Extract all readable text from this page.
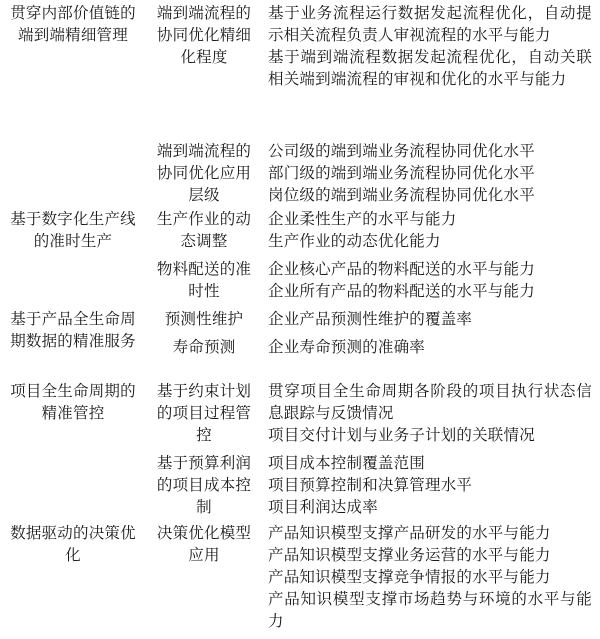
贯穿内部价值链的端到端精细管理
端到端流程的协同优化精细化程度
基于业务流程运行数据发起流程优化，自动提示相关流程负责人审视流程的水平与能力
基于端到端流程数据发起流程优化，自动关联相关端到端流程的审视和优化的水平与能力
端到端流程的协同优化应用层级
公司级的端到端业务流程协同优化水平
部门级的端到端业务流程协同优化水平
岗位级的端到端业务流程协同优化水平
基于数字化生产线的准时生产
生产作业的动态调整
企业柔性生产的水平与能力
生产作业的动态优化能力
物料配送的准时性
企业核心产品的物料配送的水平与能力
企业所有产品的物料配送的水平与能力
基于产品全生命周期数据的精准服务
预测性维护	企业产品预测性维护的覆盖率
寿命预测	企业寿命预测的准确率
项目全生命周期的精准管控
基于约束计划的项目过程管控
贯穿项目全生命周期各阶段的项目执行状态信息跟踪与反馈情况
项目交付计划与业务子计划的关联情况
基于预算利润的项目成本控制
项目成本控制覆盖范围
项目预算控制和决算管理水平
项目利润达成率
数据驱动的决策优化
决策优化模型应用
产品知识模型支撑产品研发的水平与能力
产品知识模型支撑业务运营的水平与能力
产品知识模型支撑竞争情报的水平与能力
产品知识模型支撑市场趋势与环境的水平与能力
